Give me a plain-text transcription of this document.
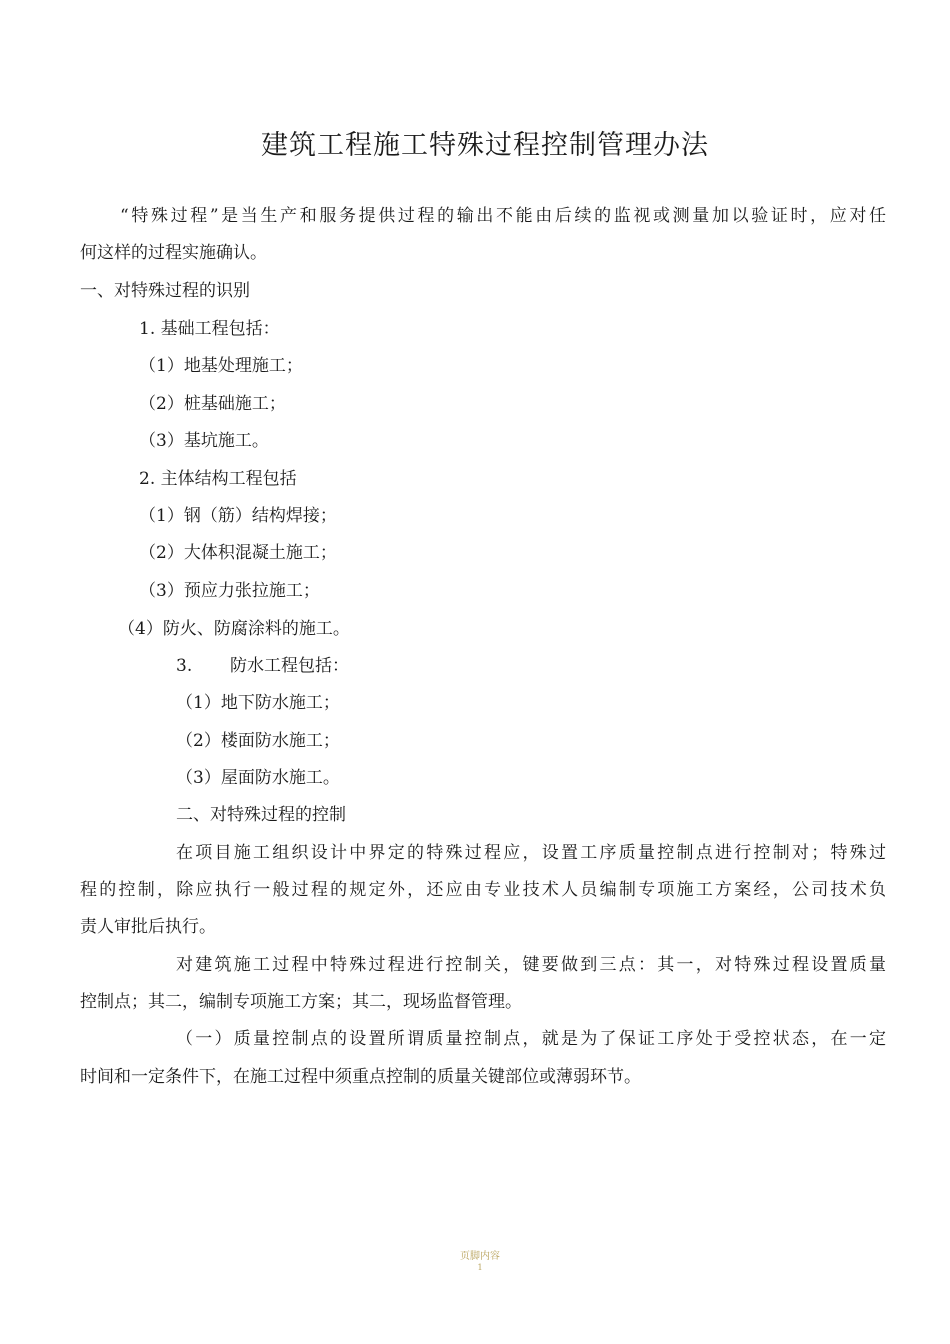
建筑工程施工特殊过程控制管理办法
“特殊过程”是当生产和服务提供过程的输出不能由后续的监视或测量加以验证时，应对任
何这样的过程实施确认。
一、对特殊过程的识别
1. 基础工程包括：
（1）地基处理施工；
（2）桩基础施工；
（3）基坑施工。
2. 主体结构工程包括
（1）钢（筋）结构焊接；
（2）大体积混凝土施工；
（3）预应力张拉施工；
（4）防火、防腐涂料的施工。
3.       防水工程包括：
（1）地下防水施工；
（2）楼面防水施工；
（3）屋面防水施工。
二、对特殊过程的控制
在项目施工组织设计中界定的特殊过程应，设置工序质量控制点进行控制对；特殊过
程的控制，除应执行一般过程的规定外，还应由专业技术人员编制专项施工方案经，公司技术负
责人审批后执行。
对建筑施工过程中特殊过程进行控制关，键要做到三点：其一，对特殊过程设置质量
控制点；其二，编制专项施工方案；其二，现场监督管理。
（一）质量控制点的设置所谓质量控制点，就是为了保证工序处于受控状态，在一定
时间和一定条件下，在施工过程中须重点控制的质量关键部位或薄弱环节。
页脚内容
1
